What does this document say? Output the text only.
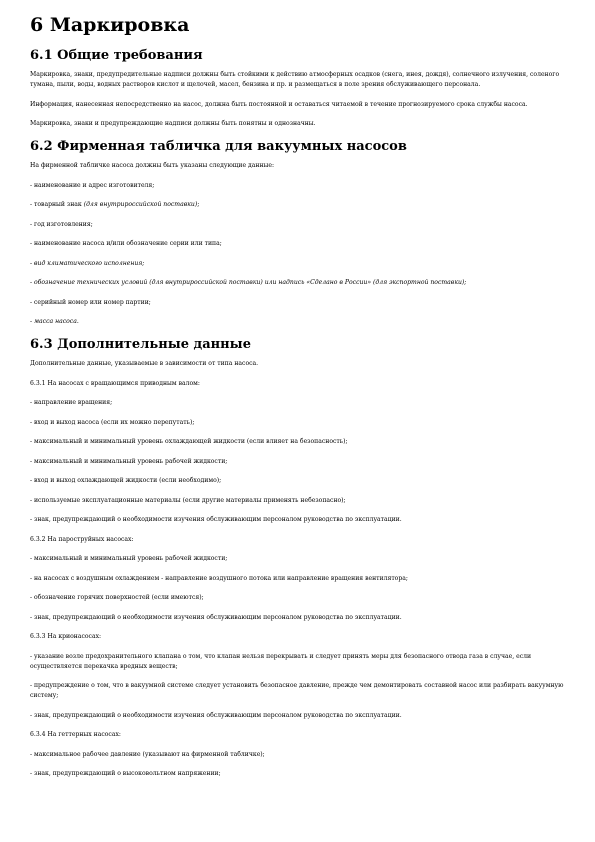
6 Маркировка
6.1 Общие требования

Маркировка, знаки, предупредительные надписи должны быть стойкими к действию атмосферных осадков (снега, инея, дождя), солнечного излучения, соленого тумана, пыли, воды, водных растворов кислот и щелочей, масел, бензина и пр. и размещаться в поле зрения обслуживающего персонала.

Информация, нанесенная непосредственно на насос, должна быть постоянной и оставаться читаемой в течение прогнозируемого срока службы насоса.

Маркировка, знаки и предупреждающие надписи должны быть понятны и однозначны.

6.2 Фирменная табличка для вакуумных насосов

На фирменной табличке насоса должны быть указаны следующие данные:

- наименование и адрес изготовителя;

- товарный знак (для внутрироссийской поставки);

- год изготовления;

- наименование насоса и/или обозначение серии или типа;

- вид климатического исполнения;

- обозначение технических условий (для внутрироссийской поставки) или надпись «Сделано в России» (для экспортной поставки);

- серийный номер или номер партии;

- масса насоса.

6.3 Дополнительные данные

Дополнительные данные, указываемые в зависимости от типа насоса.

6.3.1 На насосах с вращающимся приводным валом:

- направление вращения;

- вход и выход насоса (если их можно перепутать);

- максимальный и минимальный уровень охлаждающей жидкости (если влияет на безопасность);

- максимальный и минимальный уровень рабочей жидкости;

- вход и выход охлаждающей жидкости (если необходимо);

- используемые эксплуатационные материалы (если другие материалы применять небезопасно);

- знак, предупреждающий о необходимости изучения обслуживающим персоналом руководства по эксплуатации.

6.3.2 На пароструйных насосах:

- максимальный и минимальный уровень рабочей жидкости;

- на насосах с воздушным охлаждением - направление воздушного потока или направление вращения вентилятора;

- обозначение горячих поверхностей (если имеются);

- знак, предупреждающий о необходимости изучения обслуживающим персоналом руководства по эксплуатации.

6.3.3 На крионасосах:

- указание возле предохранительного клапана о том, что клапан нельзя перекрывать и следует принять меры для безопасного отвода газа в случае, если осуществляется перекачка вредных веществ;

- предупреждение о том, что в вакуумной системе следует установить безопасное давление, прежде чем демонтировать составной насос или разбирать вакуумную систему;

- знак, предупреждающий о необходимости изучения обслуживающим персоналом руководства по эксплуатации.

6.3.4 На геттерных насосах:

- максимальное рабочее давление (указывают на фирменной табличке);

- знак, предупреждающий о высоковольтном напряжении;
